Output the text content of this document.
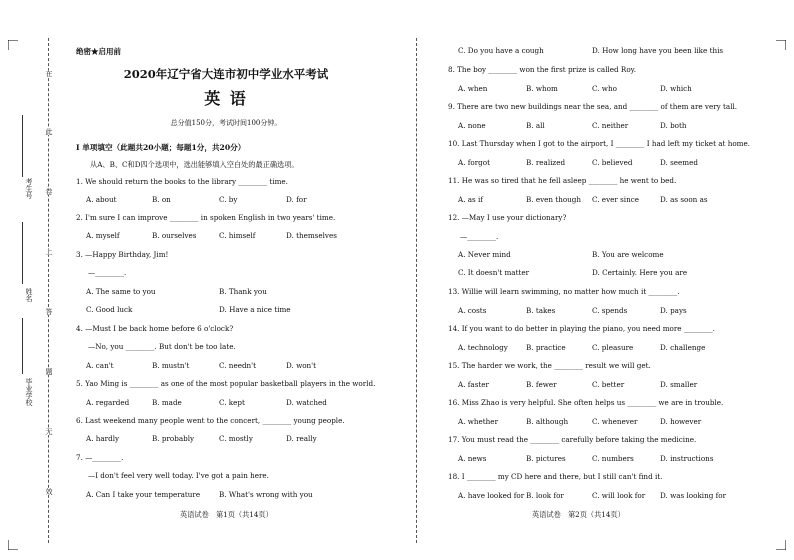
在
此
卷
上
答
题
无
效
考生号
姓名
毕业学校
绝密★启用前
2020年辽宁省大连市初中学业水平考试
英 语
总分值150分，考试时间100分钟。
I 单项填空（此题共20小题；每题1分，共20分）
从A、B、C和D四个选项中，选出能够填入空白处的最正确选项。
1. We should return the books to the library ________ time.
A. about	B. on	C. by	D. for
2. I'm sure I can improve ________ in spoken English in two years' time.
A. myself	B. ourselves	C. himself	D. themselves
3. —Happy Birthday, Jim!
—________.
A. The same to you	B. Thank you
C. Good luck	D. Have a nice time
4. —Must I be back home before 6 o'clock?
—No, you ________. But don't be too late.
A. can't	B. mustn't	C. needn't	D. won't
5. Yao Ming is ________ as one of the most popular basketball players in the world.
A. regarded	B. made	C. kept	D. watched
6. Last weekend many people went to the concert, ________ young people.
A. hardly	B. probably	C. mostly	D. really
7. —________.
—I don't feel very well today. I've got a pain here.
A. Can I take your temperature	B. What's wrong with you
英语试卷　第1页（共14页）
C. Do you have a cough	D. How long have you been like this
8. The boy ________ won the first prize is called Roy.
A. when	B. whom	C. who	D. which
9. There are two new buildings near the sea, and ________ of them are very tall.
A. none	B. all	C. neither	D. both
10. Last Thursday when I got to the airport, I ________ I had left my ticket at home.
A. forgot	B. realized	C. believed	D. seemed
11. He was so tired that he fell asleep ________ he went to bed.
A. as if	B. even though C. ever since	D. as soon as
12. —May I use your dictionary?
—________.
A. Never mind	B. You are welcome
C. It doesn't matter	D. Certainly. Here you are
13. Willie will learn swimming, no matter how much it ________.
A. costs	B. takes	C. spends	D. pays
14. If you want to do better in playing the piano, you need more ________.
A. technology	B. practice	C. pleasure	D. challenge
15. The harder we work, the ________ result we will get.
A. faster	B. fewer	C. better	D. smaller
16. Miss Zhao is very helpful. She often helps us ________ we are in trouble.
A. whether	B. although	C. whenever	D. however
17. You must read the ________ carefully before taking the medicine.
A. news	B. pictures	C. numbers	D. instructions
18. I ________ my CD here and there, but I still can't find it.
A. have looked for B. look for	C. will look for D. was looking for
英语试卷　第2页（共14页）
